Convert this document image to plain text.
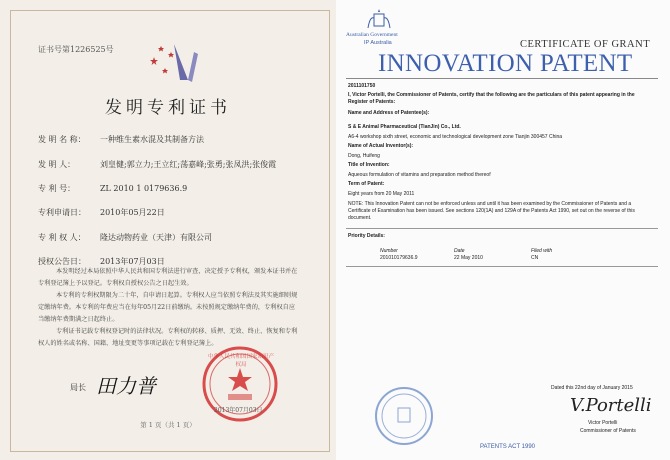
证书号第1226525号
发明专利证书
发 明 名 称： 一种维生素水混及其制备方法
发 明 人：	刘皇健;郭立力;王立红;荡嘉峰;张勇;张凤洪;张俊霞
专 利 号：	ZL 2010 1 0179636.9
专利申请日： 2010年05月22日
专 利 权 人： 隆达动物药业（天津）有限公司
授权公告日： 2013年07月03日

本发明经过本局依照中华人民共和国专利法进行审查，决定授予专利权，颁发本证书并在专利登记簿上予以登记。专利权自授权公告之日起生效。

本专利的专利权期限为二十年，自申请日起算。专利权人应当依照专利法及其实施细则规定缴纳年费。本专利的年费应当在每年05月22日前缴纳。未按照规定缴纳年费的，专利权自应当缴纳年费期满之日起终止。

专利证书记载专利权登记时的法律状况。专利权的转移、质押、无效、终止、恢复和专利权人的姓名或名称、国籍、地址变更等事项记载在专利登记簿上。

中华人民共和国国家知识产权局
2013年07月03日
局长 田力普
第 1 页（共 1 页）
Australian Government
IP Australia	CERTIFICATE OF GRANT
INNOVATION PATENT
2011101750
I, Victor Portelli, the Commissioner of Patents, certify that the following are the particulars of this patent appearing in the Register of Patents:
Name and Address of Patentee(s):
S & E Animal Pharmaceutical (TianJin) Co., Ltd.
A6-4 workshop sixth street, economic and technological development zone Tianjin 300457 China
Name of Actual Inventor(s):
Dong, Huifeng
Title of Invention:
Aqueous formulation of vitamins and preparation method thereof
Term of Patent:
Eight years from 20 May 2011
NOTE: This Innovation Patent can not be enforced unless and until it has been examined by the Commissioner of Patents and a Certificate of Examination has been issued. See sections 120(1A) and 129A of the Patents Act 1990, set out on the reverse of this document.
Priority Details:
Number	Date	Filed with
201010179636.9	22 May 2010	CN
Dated this 22nd day of January 2015
V.Portelli
Victor Portelli
Commissioner of Patents
PATENTS ACT 1990
